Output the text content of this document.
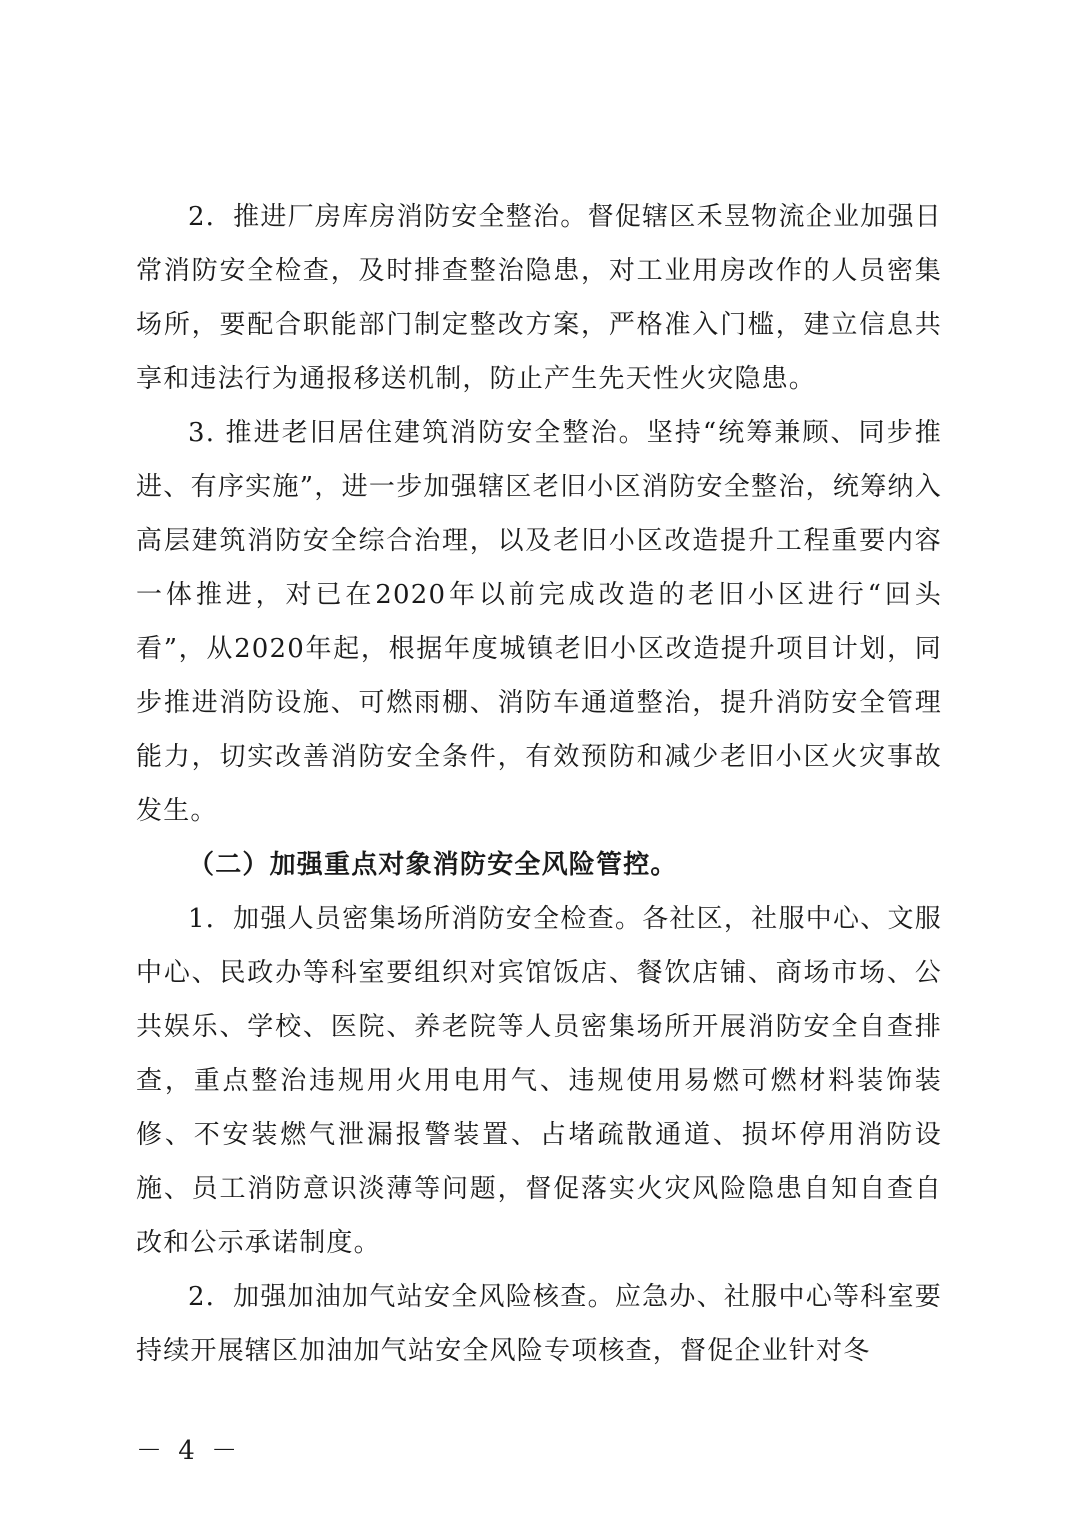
2．推进厂房库房消防安全整治。督促辖区禾昱物流企业加强日常消防安全检查，及时排查整治隐患，对工业用房改作的人员密集场所，要配合职能部门制定整改方案，严格准入门槛，建立信息共享和违法行为通报移送机制，防止产生先天性火灾隐患。

3. 推进老旧居住建筑消防安全整治。坚持“统筹兼顾、同步推进、有序实施”，进一步加强辖区老旧小区消防安全整治，统筹纳入高层建筑消防安全综合治理，以及老旧小区改造提升工程重要内容一体推进，对已在2020年以前完成改造的老旧小区进行“回头看”，从2020年起，根据年度城镇老旧小区改造提升项目计划，同步推进消防设施、可燃雨棚、消防车通道整治，提升消防安全管理能力，切实改善消防安全条件，有效预防和减少老旧小区火灾事故发生。

（二）加强重点对象消防安全风险管控。

1．加强人员密集场所消防安全检查。各社区，社服中心、文服中心、民政办等科室要组织对宾馆饭店、餐饮店铺、商场市场、公共娱乐、学校、医院、养老院等人员密集场所开展消防安全自查排查，重点整治违规用火用电用气、违规使用易燃可燃材料装饰装修、不安装燃气泄漏报警装置、占堵疏散通道、损坏停用消防设施、员工消防意识淡薄等问题，督促落实火灾风险隐患自知自查自改和公示承诺制度。

2．加强加油加气站安全风险核查。应急办、社服中心等科室要持续开展辖区加油加气站安全风险专项核查，督促企业针对冬

－ 4 －
